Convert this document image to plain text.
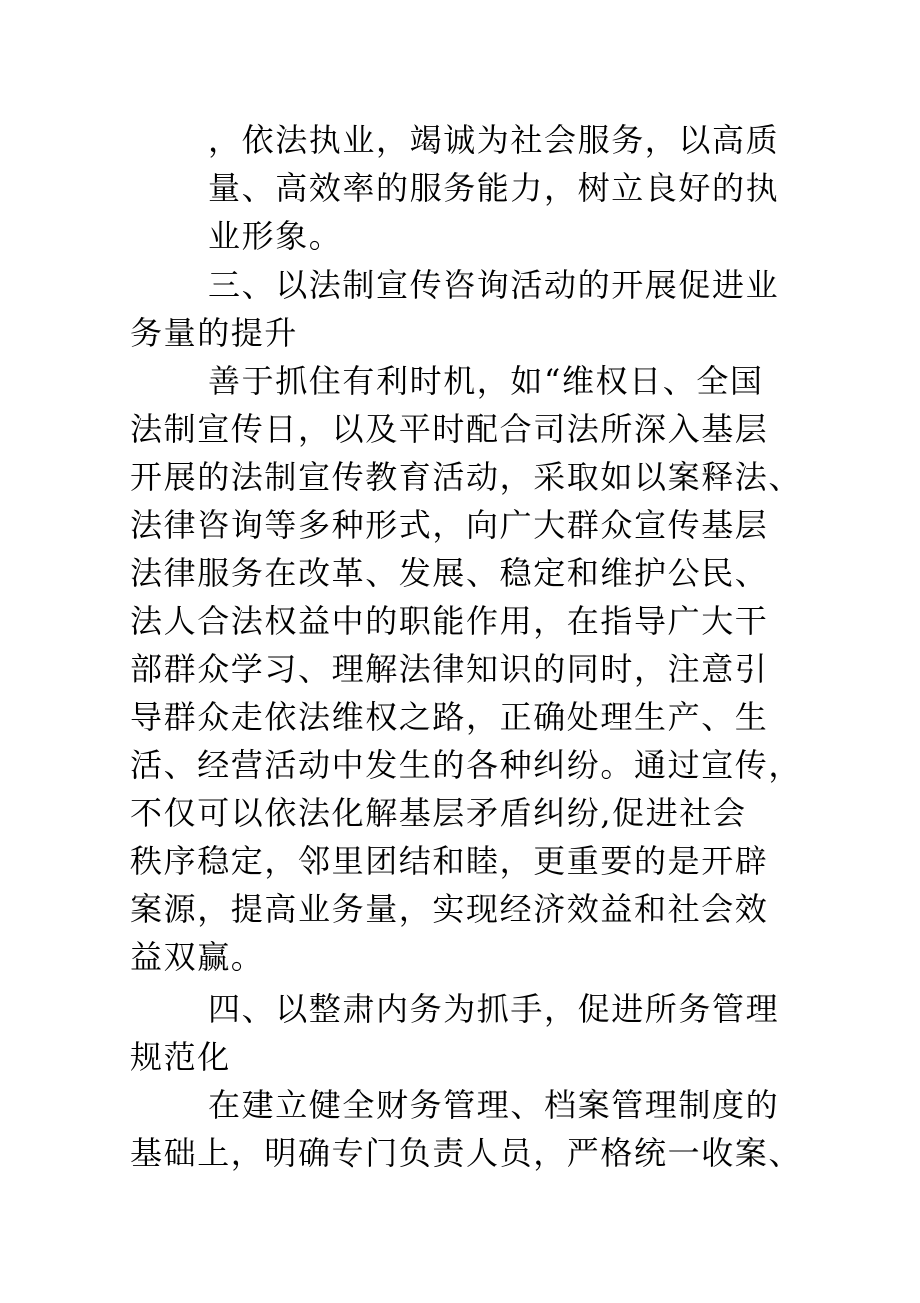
，依法执业，竭诚为社会服务，以高质
量、高效率的服务能力，树立良好的执
业形象。
三、以法制宣传咨询活动的开展促进业
务量的提升
善于抓住有利时机，如“维权日、全国
法制宣传日，以及平时配合司法所深入基层
开展的法制宣传教育活动，采取如以案释法、
法律咨询等多种形式，向广大群众宣传基层
法律服务在改革、发展、稳定和维护公民、
法人合法权益中的职能作用，在指导广大干
部群众学习、理解法律知识的同时，注意引
导群众走依法维权之路，正确处理生产、生
活、经营活动中发生的各种纠纷。通过宣传，
不仅可以依法化解基层矛盾纠纷,促进社会
秩序稳定，邻里团结和睦，更重要的是开辟
案源，提高业务量，实现经济效益和社会效
益双赢。
四、以整肃内务为抓手，促进所务管理
规范化
在建立健全财务管理、档案管理制度的
基础上，明确专门负责人员，严格统一收案、
